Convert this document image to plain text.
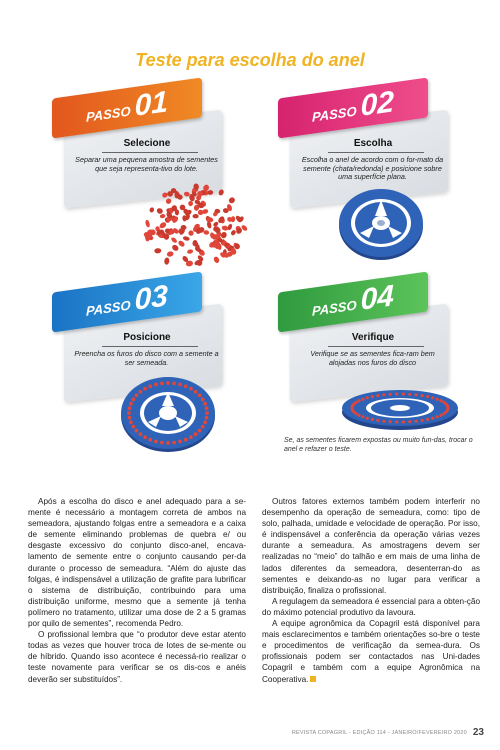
Teste para escolha do anel
PASSO 01
Selecione
Separar uma pequena amostra de sementes que seja representa-tivo do lote.
PASSO 02
Escolha
Escolha o anel de acordo com o for-mato da semente (chata/redonda) e posicione sobre uma superfície plana.
PASSO 03
Posicione
Preencha os furos do disco com a semente a ser semeada.
PASSO 04
Verifique
Verifique se as sementes fica-ram bem alojadas nos furos do disco
Se, as sementes ficarem expostas ou muito fun-das, trocar o anel e refazer o teste.

Após a escolha do disco e anel adequado para a se-mente é necessário a montagem correta de ambos na semeadora, ajustando folgas entre a semeadora e a caixa de semente eliminando problemas de quebra e/ ou desgaste excessivo do conjunto disco-anel, encava-lamento de semente entre o conjunto causando per-da durante o processo de semeadura. “Além do ajuste das folgas, é indispensável a utilização de grafite para lubrificar o sistema de distribuição, contribuindo para uma distribuição uniforme, mesmo que a semente já tenha polímero no tratamento, utilizar uma dose de 2 a 5 gramas por quilo de sementes”, recomenda Pedro.

O profissional lembra que “o produtor deve estar atento todas as vezes que houver troca de lotes de se-mente ou de híbrido. Quando isso acontece é necessá-rio realizar o teste novamente para verificar se os dis-cos e anéis deverão ser substituídos”.

Outros fatores externos também podem interferir no desempenho da operação de semeadura, como: tipo de solo, palhada, umidade e velocidade de operação. Por isso, é indispensável a conferência da operação várias vezes durante a semeadura. As amostragens devem ser realizadas no “meio” do talhão e em mais de uma linha de lados diferentes da semeadora, desenterran-do as sementes e deixando-as no lugar para verificar a distribuição, finaliza o profissional.

A regulagem da semeadora é essencial para a obten-ção do máximo potencial produtivo da lavoura.

A equipe agronômica da Copagril está disponível para mais esclarecimentos e também orientações so-bre o teste e procedimentos de verificação da semea-dura. Os profissionais podem ser contactados nas Uni-dades Copagril e também com a equipe Agronômica na Cooperativa.

REVISTA COPAGRIL - EDIÇÃO 114 - JANEIRO/FEVEREIRO 2020 23
